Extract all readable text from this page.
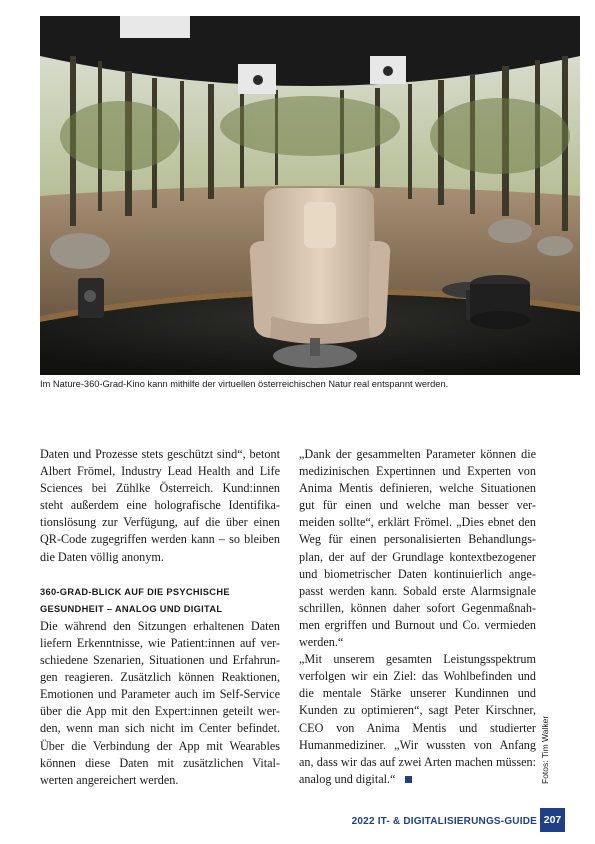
Im Nature-360-Grad-Kino kann mithilfe der virtuellen österreichischen Natur real entspannt werden.

Daten und Prozesse stets geschützt sind“, betont
Albert Frömel, Industry Lead Health and Life
Sciences bei Zühlke Österreich. Kund:innen
steht außerdem eine holografische Identifika-
tionslösung zur Verfügung, auf die über einen
QR-Code zugegriffen werden kann – so bleiben
die Daten völlig anonym.

360-GRAD-BLICK AUF DIE PSYCHISCHE
GESUNDHEIT – ANALOG UND DIGITAL

Die während den Sitzungen erhaltenen Daten
liefern Erkenntnisse, wie Patient:innen auf ver-
schiedene Szenarien, Situationen und Erfahrun-
gen reagieren. Zusätzlich können Reaktionen,
Emotionen und Parameter auch im Self-Service
über die App mit den Expert:innen geteilt wer-
den, wenn man sich nicht im Center befindet.
Über die Verbindung der App mit Wearables
können diese Daten mit zusätzlichen Vital-
werten angereichert werden.

„Dank der gesammelten Parameter können die
medizinischen Expertinnen und Experten von
Anima Mentis definieren, welche Situationen
gut für einen und welche man besser ver-
meiden sollte“, erklärt Frömel. „Dies ebnet den
Weg für einen personalisierten Behandlungs-
plan, der auf der Grundlage kontextbezogener
und biometrischer Daten kontinuierlich ange-
passt werden kann. Sobald erste Alarmsignale
schrillen, können daher sofort Gegenmaßnah-
men ergriffen und Burnout und Co. vermieden
werden.“

„Mit unserem gesamten Leistungsspektrum
verfolgen wir ein Ziel: das Wohlbefinden und
die mentale Stärke unserer Kundinnen und
Kunden zu optimieren“, sagt Peter Kirschner,
CEO von Anima Mentis und studierter
Humanmediziner. „Wir wussten von Anfang
an, dass wir das auf zwei Arten machen müssen:
analog und digital.“	Fotos: Tim Walker
2022 IT- & DIGITALISIERUNGS-GUIDE 207
